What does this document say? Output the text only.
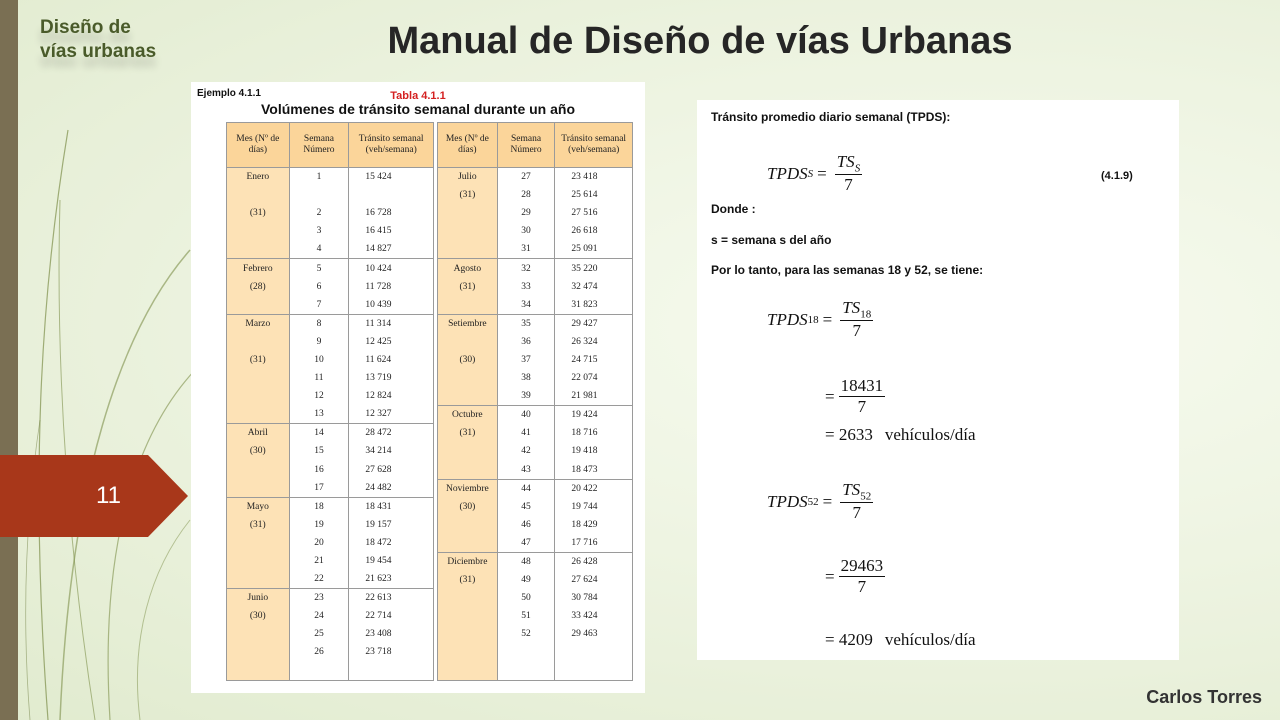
Diseño de
vías urbanas	Manual de Diseño de vías Urbanas
11
Ejemplo 4.1.1	Tabla 4.1.1
Volúmenes de tránsito semanal durante un año
Mes (Nº de días)	Semana Número	Tránsito semanal (veh/semana)
Enero	1	15 424

(31)	2	16 728
	3	16 415
	4	14 827
Febrero	5	10 424
(28)	6	11 728
	7	10 439
Marzo	8	11 314
	9	12 425
(31)	10	11 624
	11	13 719
	12	12 824
	13	12 327
Abril	14	28 472
(30)	15	34 214
	16	27 628
	17	24 482
Mayo	18	18 431
(31)	19	19 157
	20	18 472
	21	19 454
	22	21 623
Junio	23	22 613
(30)	24	22 714
	25	23 408
	26	23 718

Mes (Nº de días)	Semana Número	Tránsito semanal (veh/semana)
Julio	27	23 418
(31)	28	25 614
	29	27 516
	30	26 618
	31	25 091
Agosto	32	35 220
(31)	33	32 474
	34	31 823
Setiembre	35	29 427
	36	26 324
(30)	37	24 715
	38	22 074
	39	21 981
Octubre	40	19 424
(31)	41	18 716
	42	19 418
	43	18 473
Noviembre	44	20 422
(30)	45	19 744
	46	18 429
	47	17 716
Diciembre	48	26 428
(31)	49	27 624
	50	30 784
	51	33 424
	52	29 463

Tránsito promedio diario semanal (TPDS):
TPDS $S = \frac{TS_S}{7}$	(4.1.9)
Donde :
s = semana s del año
Por lo tanto, para las semanas 18 y 52, se tiene:
TPDS $18 = \frac{TS_{18}}{7}$
= $\frac{18431}{7}$
= 2633 vehículos/día
TPDS $52 = \frac{TS_{52}}{7}$
= $\frac{29463}{7}$
= 4209 vehículos/día
Carlos Torres
